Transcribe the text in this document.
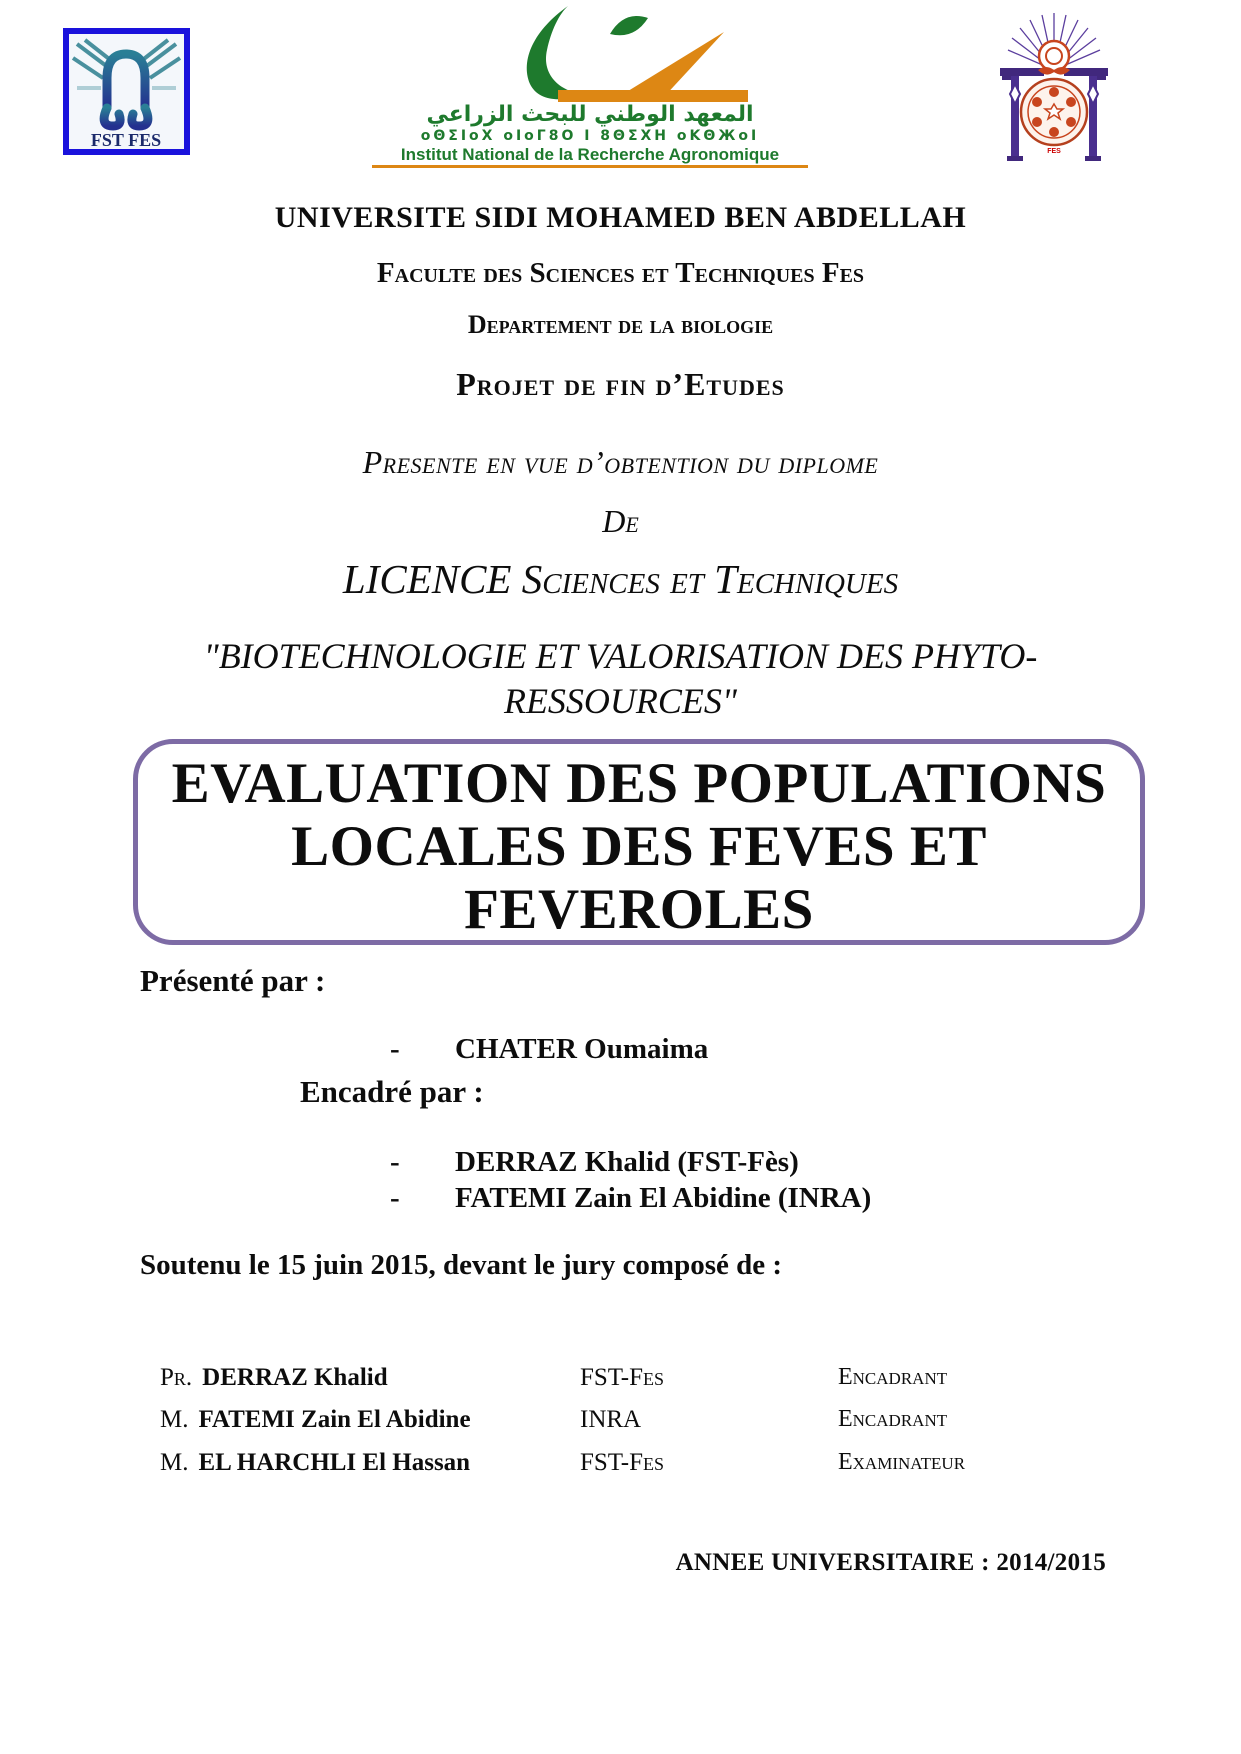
FST FES
المعهد الوطني للبحث الزراعي
oΘΣIoX oIoΓ8O I 8ΘΣXH oKΘЖoI
Institut National de la Recherche Agronomique	FES
UNIVERSITE SIDI MOHAMED BEN ABDELLAH
Faculte des Sciences et Techniques Fes
Departement de la biologie
Projet de fin d’Etudes
Presente en vue d’obtention du diplome
De
LICENCE Sciences et Techniques
"BIOTECHNOLOGIE ET VALORISATION DES PHYTO-
RESSOURCES"
EVALUATION DES POPULATIONS
LOCALES DES FEVES ET
FEVEROLES
Présenté par :
- CHATER Oumaima
Encadré par :
- DERRAZ Khalid (FST-Fès)
- FATEMI Zain El Abidine (INRA)
Soutenu le 15 juin 2015, devant le jury composé de :
Pr. DERRAZ Khalid	FST-Fes	Encadrant
M. FATEMI Zain El Abidine	INRA	Encadrant
M. EL HARCHLI El Hassan	FST-Fes	Examinateur
ANNEE UNIVERSITAIRE : 2014/2015
